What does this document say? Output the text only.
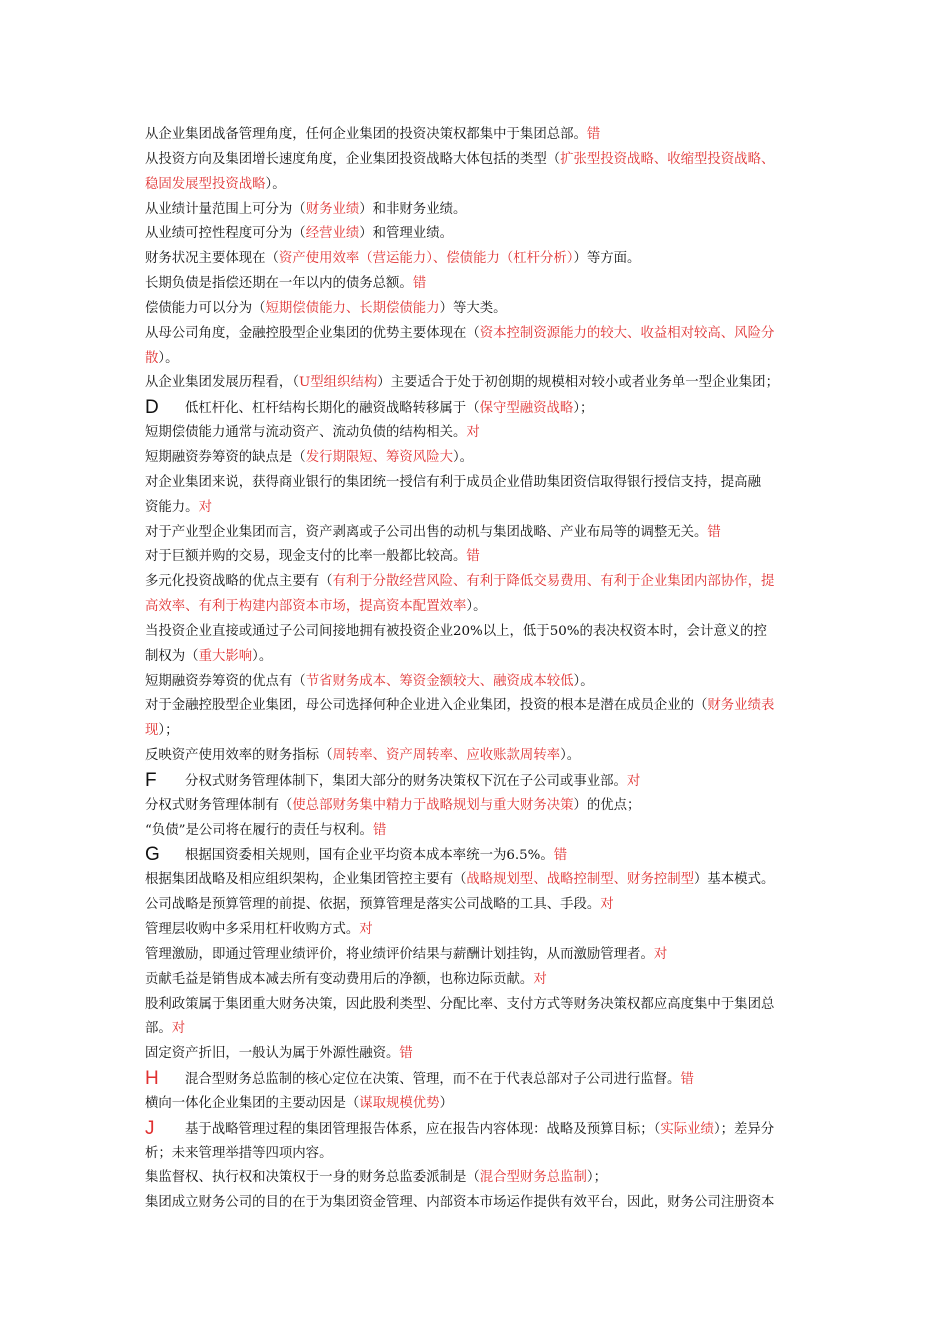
从企业集团战备管理角度，任何企业集团的投资决策权都集中于集团总部。错
从投资方向及集团增长速度角度，企业集团投资战略大体包括的类型（扩张型投资战略、收缩型投资战略、
稳固发展型投资战略）。
从业绩计量范围上可分为（财务业绩）和非财务业绩。
从业绩可控性程度可分为（经营业绩）和管理业绩。
财务状况主要体现在（资产使用效率（营运能力）、偿债能力（杠杆分析））等方面。
长期负债是指偿还期在一年以内的债务总额。错
偿债能力可以分为（短期偿债能力、长期偿债能力）等大类。
从母公司角度，金融控股型企业集团的优势主要体现在（资本控制资源能力的较大、收益相对较高、风险分
散）。
从企业集团发展历程看，（U型组织结构）主要适合于处于初创期的规模相对较小或者业务单一型企业集团；
D 低杠杆化、杠杆结构长期化的融资战略转移属于（保守型融资战略）；
短期偿债能力通常与流动资产、流动负债的结构相关。对
短期融资券筹资的缺点是（发行期限短、筹资风险大）。
对企业集团来说，获得商业银行的集团统一授信有利于成员企业借助集团资信取得银行授信支持，提高融
资能力。对
对于产业型企业集团而言，资产剥离或子公司出售的动机与集团战略、产业布局等的调整无关。错
对于巨额并购的交易，现金支付的比率一般都比较高。错
多元化投资战略的优点主要有（有利于分散经营风险、有利于降低交易费用、有利于企业集团内部协作，提
高效率、有利于构建内部资本市场，提高资本配置效率）。
当投资企业直接或通过子公司间接地拥有被投资企业20%以上，低于50%的表决权资本时，会计意义的控
制权为（重大影响）。
短期融资券筹资的优点有（节省财务成本、筹资金额较大、融资成本较低）。
对于金融控股型企业集团，母公司选择何种企业进入企业集团，投资的根本是潜在成员企业的（财务业绩表
现）；
反映资产使用效率的财务指标（周转率、资产周转率、应收账款周转率）。
F 分权式财务管理体制下，集团大部分的财务决策权下沉在子公司或事业部。对
分权式财务管理体制有（使总部财务集中精力于战略规划与重大财务决策）的优点；
“负债”是公司将在履行的责任与权利。错
G 根据国资委相关规则，国有企业平均资本成本率统一为6.5%。错
根据集团战略及相应组织架构，企业集团管控主要有（战略规划型、战略控制型、财务控制型）基本模式。
公司战略是预算管理的前提、依据，预算管理是落实公司战略的工具、手段。对
管理层收购中多采用杠杆收购方式。对
管理激励，即通过管理业绩评价，将业绩评价结果与薪酬计划挂钩，从而激励管理者。对
贡献毛益是销售成本减去所有变动费用后的净额，也称边际贡献。对
股利政策属于集团重大财务决策，因此股利类型、分配比率、支付方式等财务决策权都应高度集中于集团总
部。对
固定资产折旧，一般认为属于外源性融资。错
H 混合型财务总监制的核心定位在决策、管理，而不在于代表总部对子公司进行监督。错
横向一体化企业集团的主要动因是（谋取规模优势）
J 基于战略管理过程的集团管理报告体系，应在报告内容体现：战略及预算目标；（实际业绩）；差异分
析；未来管理举措等四项内容。
集监督权、执行权和决策权于一身的财务总监委派制是（混合型财务总监制）；
集团成立财务公司的目的在于为集团资金管理、内部资本市场运作提供有效平台，因此，财务公司注册资本
